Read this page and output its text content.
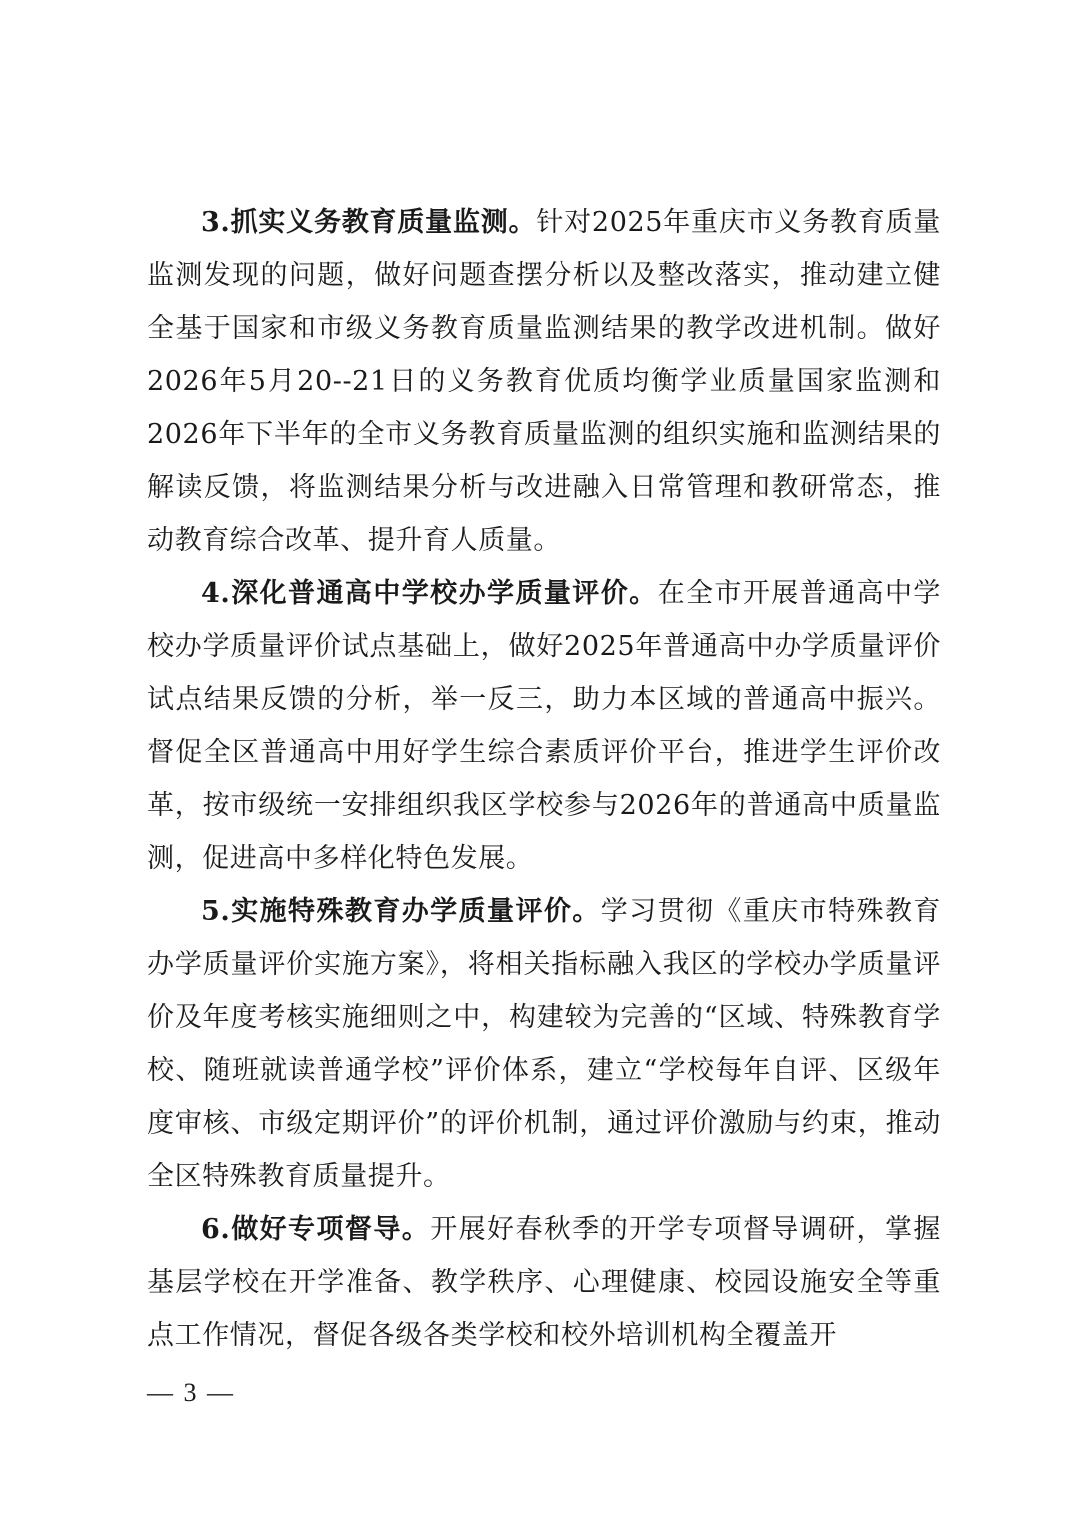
3.抓实义务教育质量监测。针对2025年重庆市义务教育质量监测发现的问题，做好问题查摆分析以及整改落实，推动建立健全基于国家和市级义务教育质量监测结果的教学改进机制。做好2026年5月20--21日的义务教育优质均衡学业质量国家监测和2026年下半年的全市义务教育质量监测的组织实施和监测结果的解读反馈，将监测结果分析与改进融入日常管理和教研常态，推动教育综合改革、提升育人质量。

4.深化普通高中学校办学质量评价。在全市开展普通高中学校办学质量评价试点基础上，做好2025年普通高中办学质量评价试点结果反馈的分析，举一反三，助力本区域的普通高中振兴。督促全区普通高中用好学生综合素质评价平台，推进学生评价改革，按市级统一安排组织我区学校参与2026年的普通高中质量监测，促进高中多样化特色发展。

5.实施特殊教育办学质量评价。学习贯彻《重庆市特殊教育办学质量评价实施方案》，将相关指标融入我区的学校办学质量评价及年度考核实施细则之中，构建较为完善的“区域、特殊教育学校、随班就读普通学校”评价体系，建立“学校每年自评、区级年度审核、市级定期评价”的评价机制，通过评价激励与约束，推动全区特殊教育质量提升。

6.做好专项督导。开展好春秋季的开学专项督导调研，掌握基层学校在开学准备、教学秩序、心理健康、校园设施安全等重点工作情况，督促各级各类学校和校外培训机构全覆盖开

— 3 —
